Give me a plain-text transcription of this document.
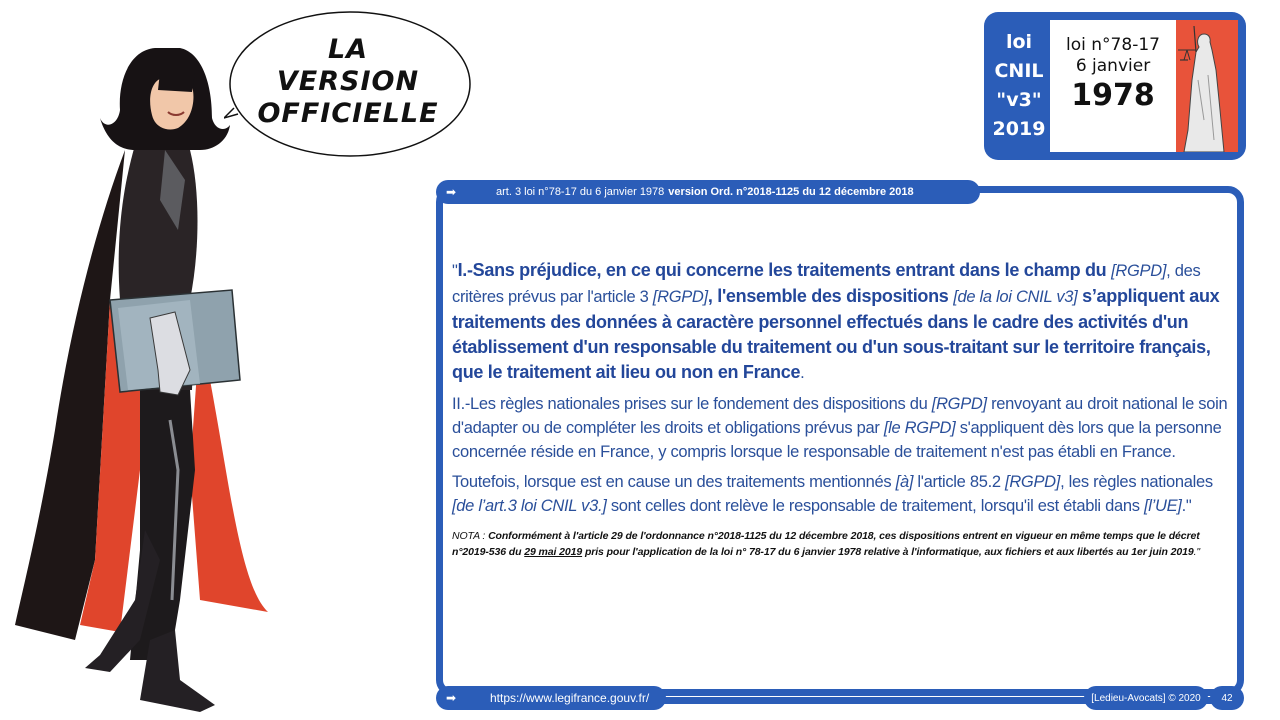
LA
VERSION
OFFICIELLE
loi
CNIL
"v3"
2019
loi n°78-17
6 janvier
1978
➡	art. 3 loi n°78-17 du 6 janvier 1978 version Ord. n°2018-1125 du 12 décembre 2018

"I.-Sans préjudice, en ce qui concerne les traitements entrant dans le champ du [RGPD], des critères prévus par l'article 3 [RGPD], l'ensemble des dispositions [de la loi CNIL v3] s’appliquent aux traitements des données à caractère personnel effectués dans le cadre des activités d'un établissement d'un responsable du traitement ou d'un sous-traitant sur le territoire français, que le traitement ait lieu ou non en France.

II.-Les règles nationales prises sur le fondement des dispositions du [RGPD] renvoyant au droit national le soin d'adapter ou de compléter les droits et obligations prévus par [le RGPD] s'appliquent dès lors que la personne concernée réside en France, y compris lorsque le responsable de traitement n'est pas établi en France.

Toutefois, lorsque est en cause un des traitements mentionnés [à] l'article 85.2 [RGPD], les règles nationales [de l’art.3 loi CNIL v3.] sont celles dont relève le responsable de traitement, lorsqu'il est établi dans [l’UE]."

NOTA : Conformément à l'article 29 de l'ordonnance n°2018-1125 du 12 décembre 2018, ces dispositions entrent en vigueur en même temps que le décret n°2019-536 du 29 mai 2019 pris pour l'application de la loi n° 78-17 du 6 janvier 1978 relative à l'informatique, aux fichiers et aux libertés au 1er juin 2019."

➡	https://www.legifrance.gouv.fr/	[Ledieu-Avocats] © 2020 42
